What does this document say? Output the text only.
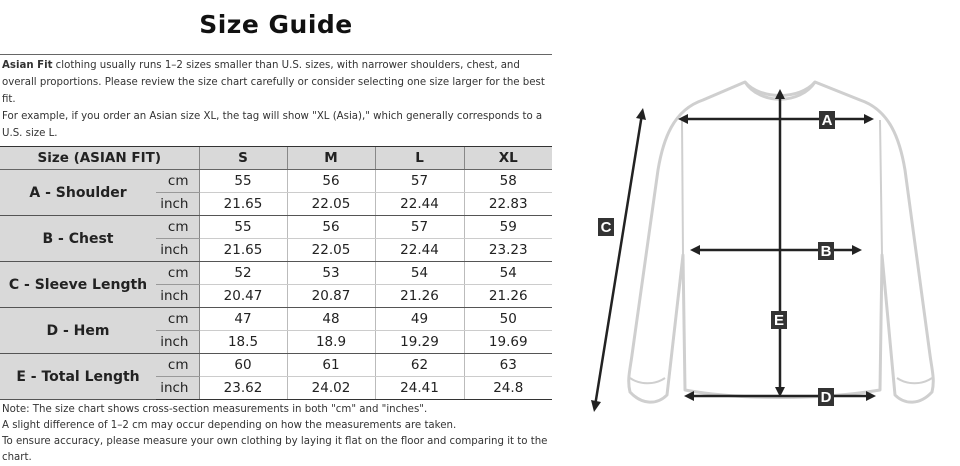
Size Guide
Asian Fit clothing usually runs 1–2 sizes smaller than U.S. sizes, with narrower shoulders, chest, and overall proportions. Please review the size chart carefully or consider selecting one size larger for the best fit.
For example, if you order an Asian size XL, the tag will show "XL (Asia)," which generally corresponds to a U.S. size L.
Size (ASIAN FIT)		S	M	L	XL
A - Shoulder	cm	55	56	57	58
	inch	21.65	22.05	22.44	22.83
B - Chest	cm	55	56	57	59
	inch	21.65	22.05	22.44	23.23
C - Sleeve Length	cm	52	53	54	54
	inch	20.47	20.87	21.26	21.26
D - Hem	cm	47	48	49	50
	inch	18.5	18.9	19.29	19.69
E - Total Length	cm	60	61	62	63
	inch	23.62	24.02	24.41	24.8
Note: The size chart shows cross-section measurements in both "cm" and "inches".
A slight difference of 1–2 cm may occur depending on how the measurements are taken.
To ensure accuracy, please measure your own clothing by laying it flat on the floor and comparing it to the chart.
A
B
E
D
C
